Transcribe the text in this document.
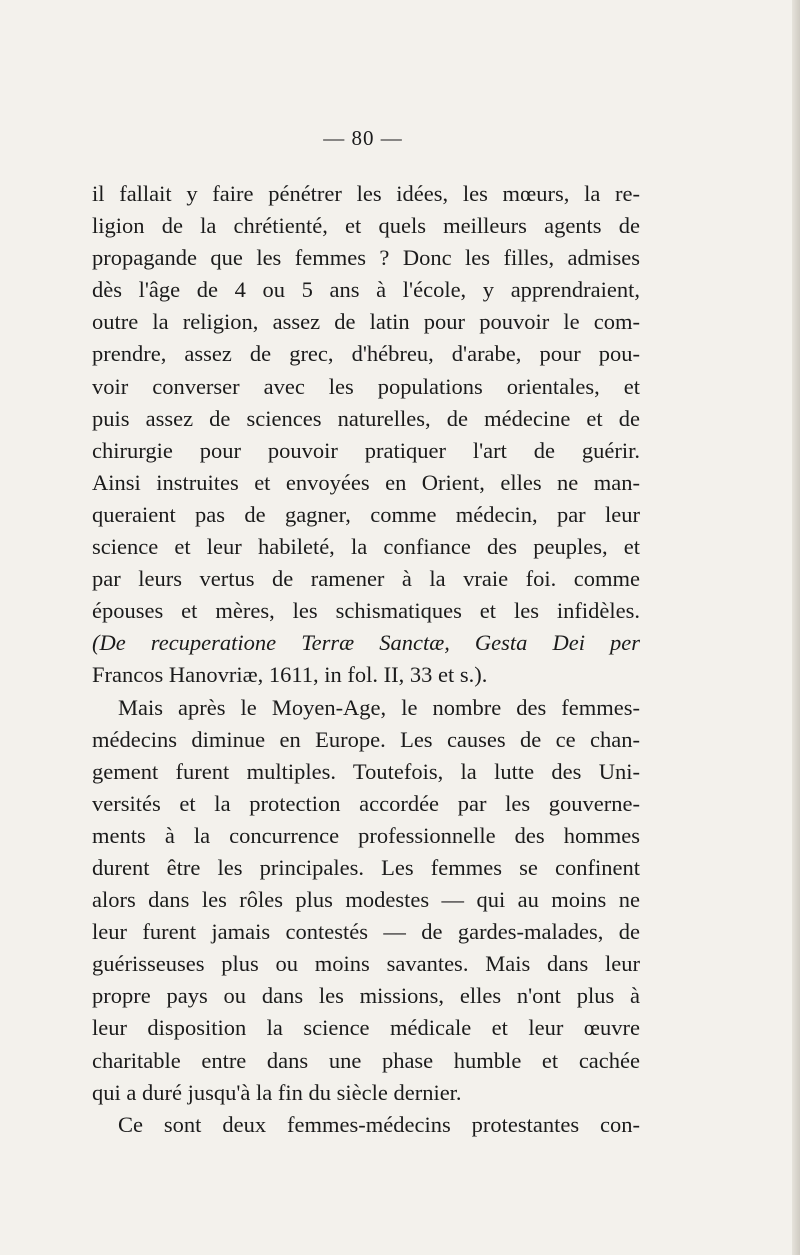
— 80 —
il fallait y faire pénétrer les idées, les mœurs, la re-
ligion de la chrétienté, et quels meilleurs agents de
propagande que les femmes ? Donc les filles, admises
dès l'âge de 4 ou 5 ans à l'école, y apprendraient,
outre la religion, assez de latin pour pouvoir le com-
prendre, assez de grec, d'hébreu, d'arabe, pour pou-
voir converser avec les populations orientales, et
puis assez de sciences naturelles, de médecine et de
chirurgie pour pouvoir pratiquer l'art de guérir.
Ainsi instruites et envoyées en Orient, elles ne man-
queraient pas de gagner, comme médecin, par leur
science et leur habileté, la confiance des peuples, et
par leurs vertus de ramener à la vraie foi. comme
épouses et mères, les schismatiques et les infidèles.
(De recuperatione Terræ Sanctæ, Gesta Dei per
Francos Hanovriæ, 1611, in fol. II, 33 et s.).
Mais après le Moyen-Age, le nombre des femmes-
médecins diminue en Europe. Les causes de ce chan-
gement furent multiples. Toutefois, la lutte des Uni-
versités et la protection accordée par les gouverne-
ments à la concurrence professionnelle des hommes
durent être les principales. Les femmes se confinent
alors dans les rôles plus modestes — qui au moins ne
leur furent jamais contestés — de gardes-malades, de
guérisseuses plus ou moins savantes. Mais dans leur
propre pays ou dans les missions, elles n'ont plus à
leur disposition la science médicale et leur œuvre
charitable entre dans une phase humble et cachée
qui a duré jusqu'à la fin du siècle dernier.
Ce sont deux femmes-médecins protestantes con-
